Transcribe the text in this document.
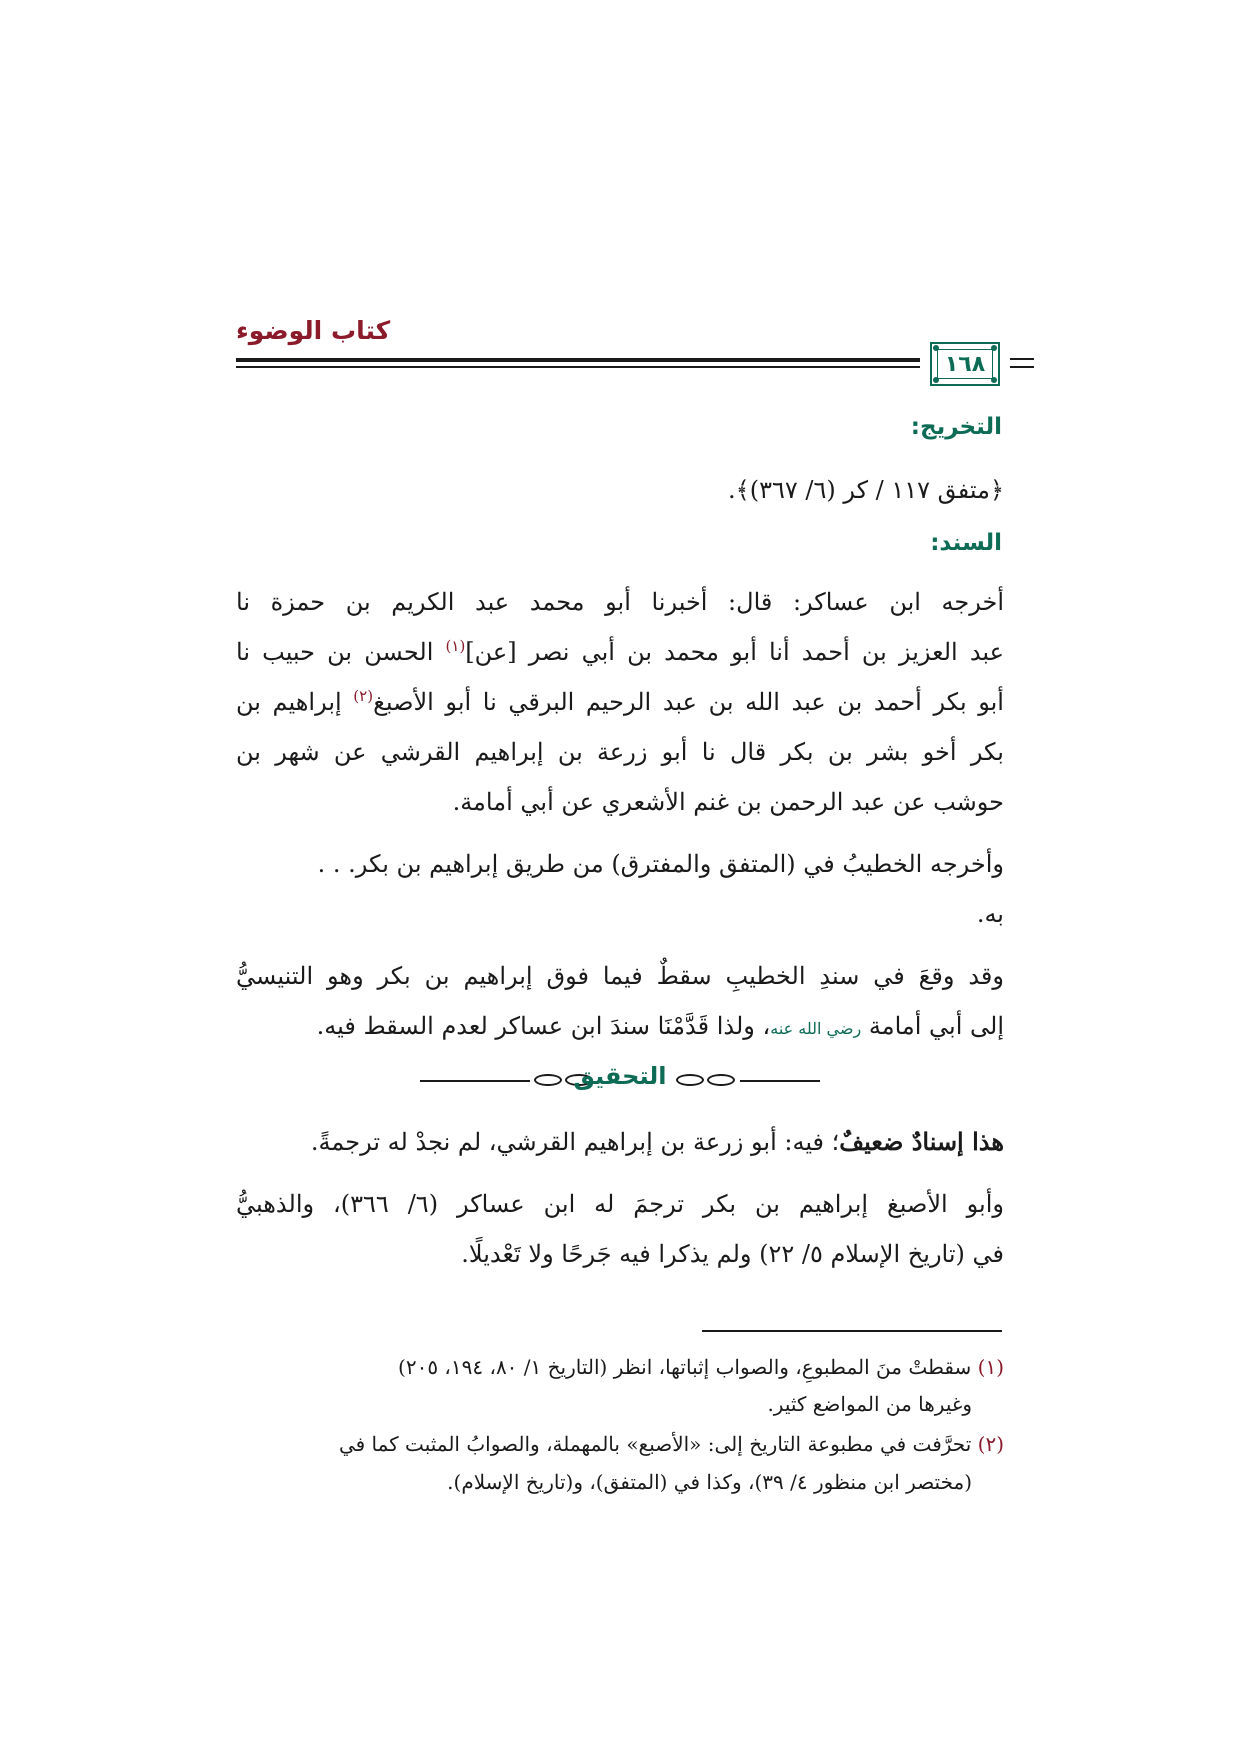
كتاب الوضوء
١٦٨
التخريج:
﴿متفق ١١٧ / كر (٦/ ٣٦٧)﴾.
السند:
أخرجه ابن عساكر: قال: أخبرنا أبو محمد عبد الكريم بن حمزة نا
عبد العزيز بن أحمد أنا أبو محمد بن أبي نصر [عن]$^{(١)}$ الحسن بن حبيب نا
أبو بكر أحمد بن عبد الله بن عبد الرحيم البرقي نا أبو الأصبغ$^{(٢)}$ إبراهيم بن
بكر أخو بشر بن بكر قال نا أبو زرعة بن إبراهيم القرشي عن شهر بن
حوشب عن عبد الرحمن بن غنم الأشعري عن أبي أمامة.
وأخرجه الخطيبُ في (المتفق والمفترق) من طريق إبراهيم بن بكر. . .
به.
وقد وقعَ في سندِ الخطيبِ سقطٌ فيما فوق إبراهيم بن بكر وهو التنيسيُّ
إلى أبي أمامة رضي الله عنه، ولذا قَدَّمْنَا سندَ ابن عساكر لعدم السقط فيه.
التحقيق
هذا إسنادٌ ضعيفٌ؛ فيه: أبو زرعة بن إبراهيم القرشي، لم نجدْ له ترجمةً.
وأبو الأصبغ إبراهيم بن بكر ترجمَ له ابن عساكر (٦/ ٣٦٦)، والذهبيُّ
في (تاريخ الإسلام ٥/ ٢٢) ولم يذكرا فيه جَرحًا ولا تَعْديلًا.
(١) سقطتْ منَ المطبوعِ، والصواب إثباتها، انظر (التاريخ ١/ ٨٠، ١٩٤، ٢٠٥)
وغيرها من المواضع كثير.
(٢) تحرَّفت في مطبوعة التاريخ إلى: «الأصبع» بالمهملة، والصوابُ المثبت كما في
(مختصر ابن منظور ٤/ ٣٩)، وكذا في (المتفق)، و(تاريخ الإسلام).
